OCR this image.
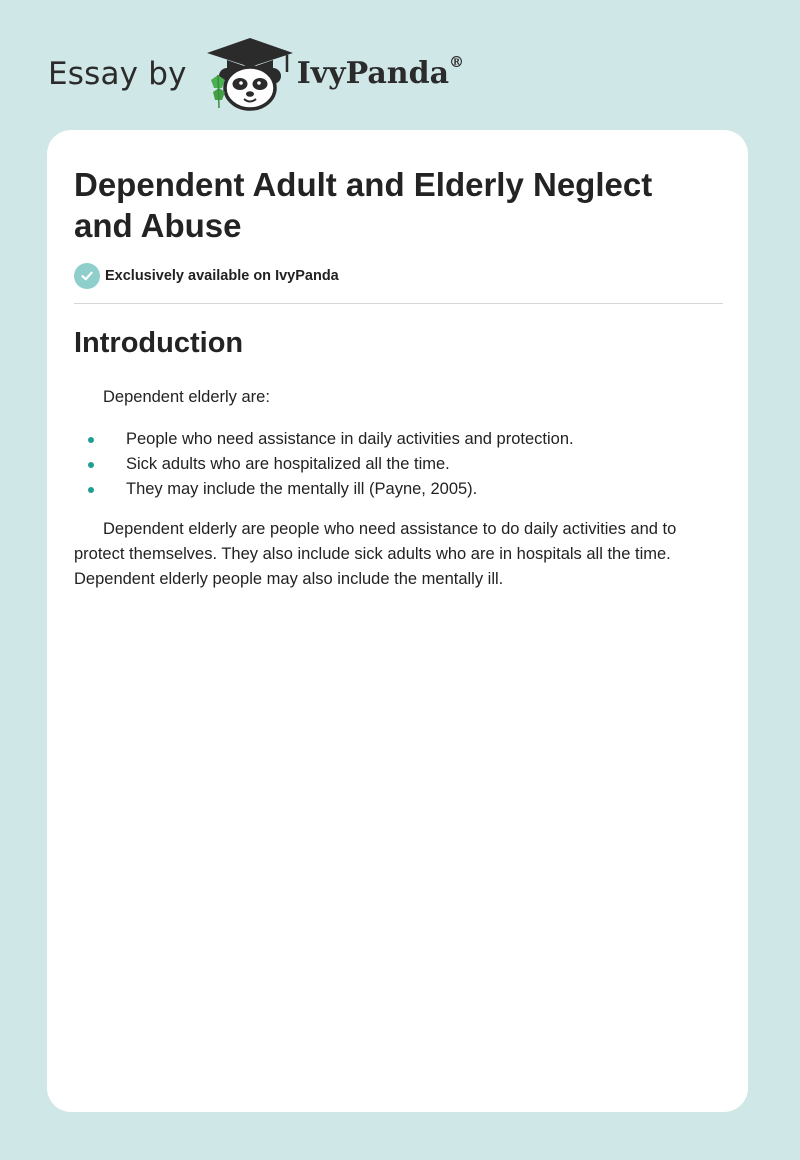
Essay by	IvyPanda®
Dependent Adult and Elderly Neglect and Abuse
Exclusively available on IvyPanda
Introduction

Dependent elderly are:

People who need assistance in daily activities and protection.
Sick adults who are hospitalized all the time.
They may include the mentally ill (Payne, 2005).

Dependent elderly are people who need assistance to do daily activities and to protect themselves. They also include sick adults who are in hospitals all the time. Dependent elderly people may also include the mentally ill.
